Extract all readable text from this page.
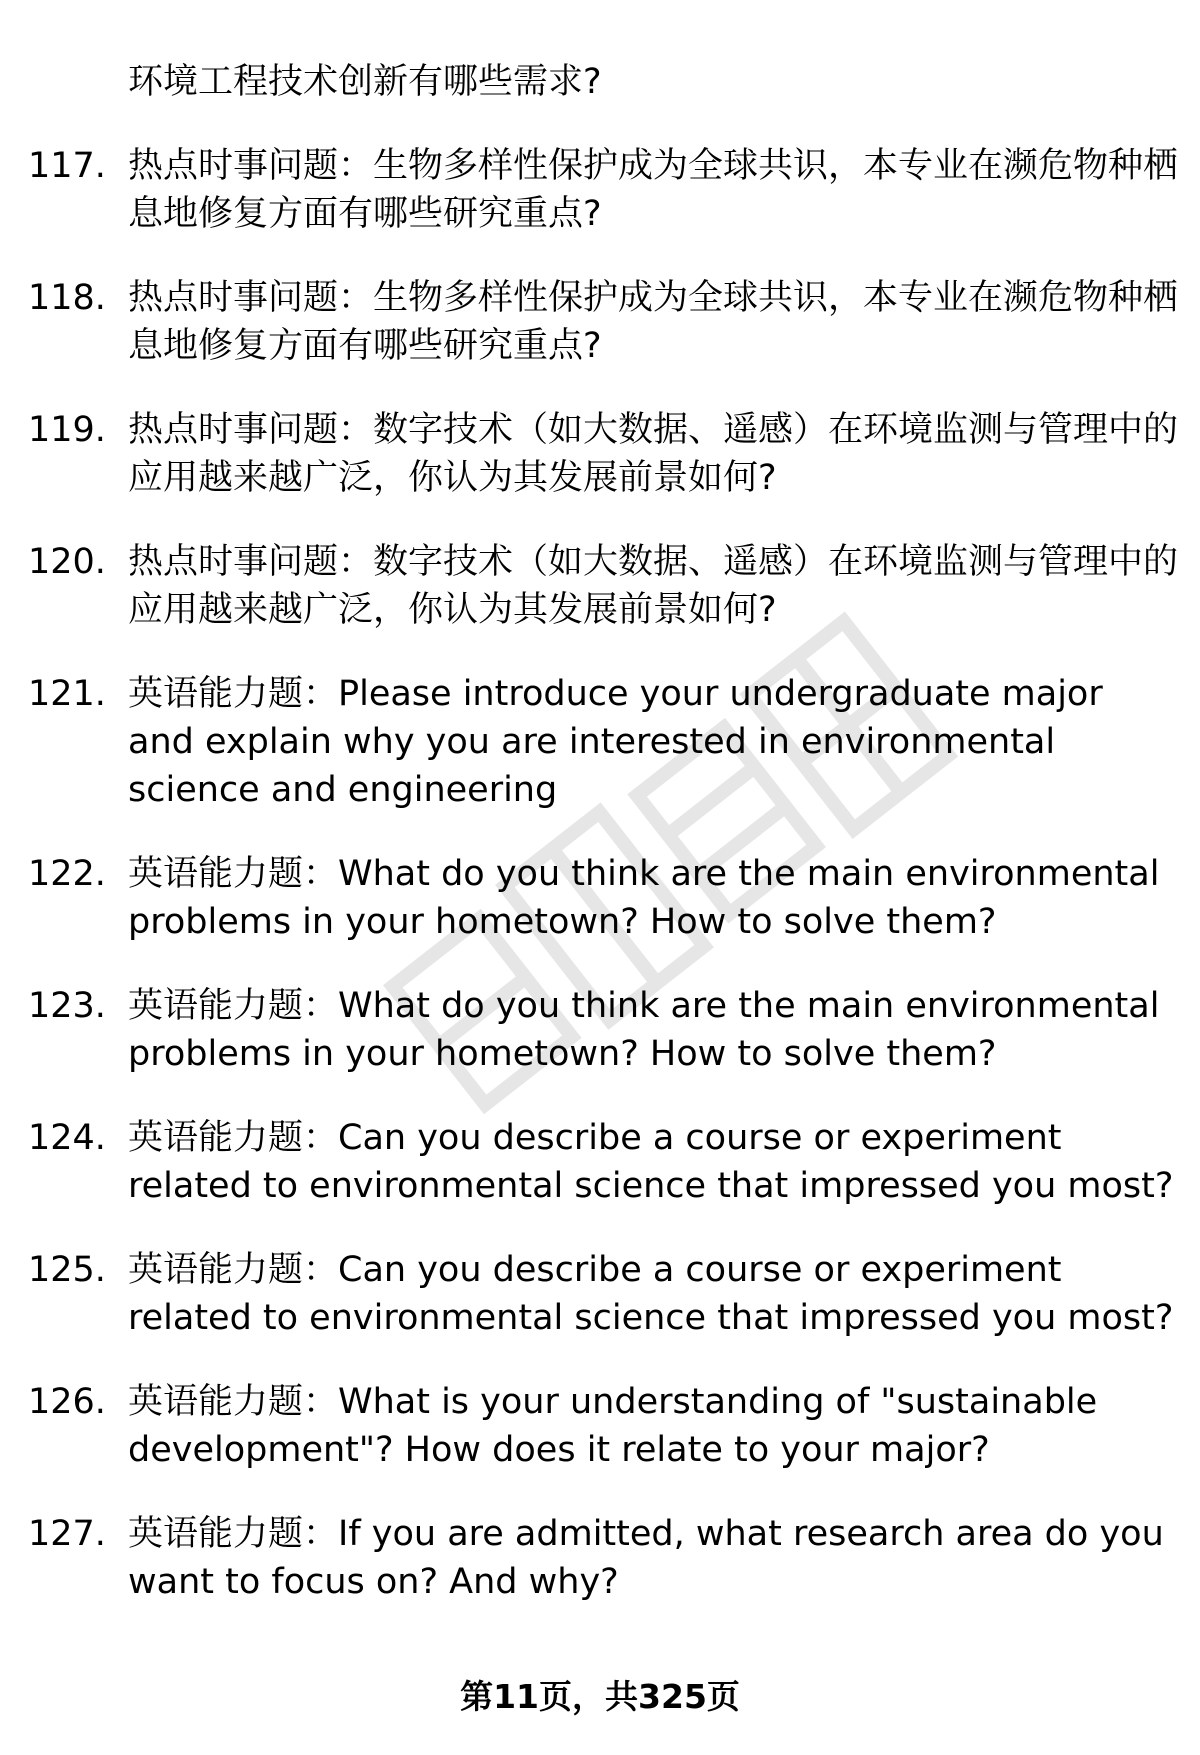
环境工程技术创新有哪些需求?
117. 热点时事问题：生物多样性保护成为全球共识，本专业在濒危物种栖息地修复方面有哪些研究重点?
118. 热点时事问题：生物多样性保护成为全球共识，本专业在濒危物种栖息地修复方面有哪些研究重点?
119. 热点时事问题：数字技术（如大数据、遥感）在环境监测与管理中的应用越来越广泛，你认为其发展前景如何?
120. 热点时事问题：数字技术（如大数据、遥感）在环境监测与管理中的应用越来越广泛，你认为其发展前景如何?
121. 英语能力题：Please introduce your undergraduate major and explain why you are interested in environmental science and engineering
122. 英语能力题：What do you think are the main environmental problems in your hometown? How to solve them?
123. 英语能力题：What do you think are the main environmental problems in your hometown? How to solve them?
124. 英语能力题：Can you describe a course or experiment related to environmental science that impressed you most?
125. 英语能力题：Can you describe a course or experiment related to environmental science that impressed you most?
126. 英语能力题：What is your understanding of "sustainable development"? How does it relate to your major?
127. 英语能力题：If you are admitted, what research area do you want to focus on? And why?
第11页，共325页
